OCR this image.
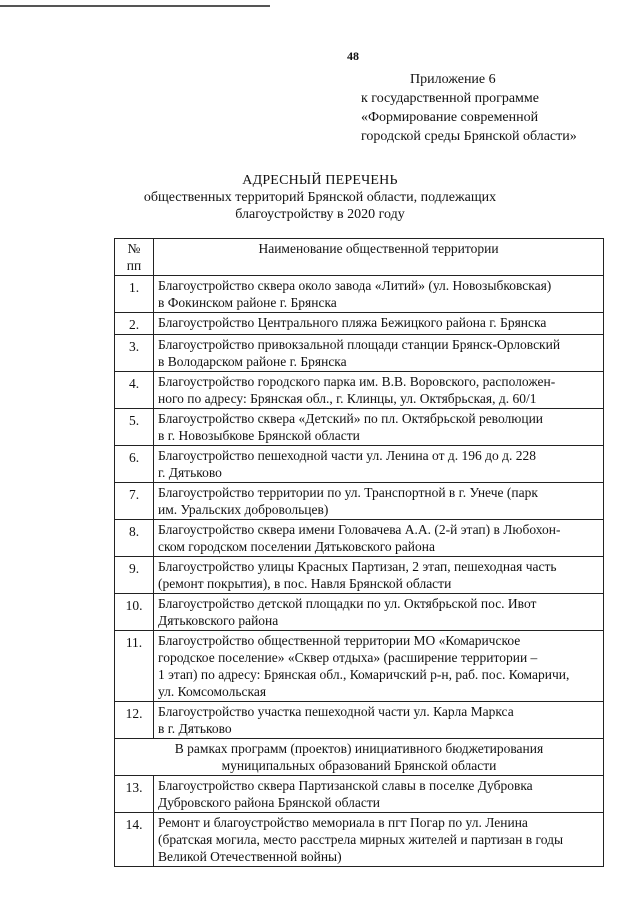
48
Приложение 6
к государственной программе
«Формирование современной
городской среды Брянской области»
АДРЕСНЫЙ ПЕРЕЧЕНЬ
общественных территорий Брянской области, подлежащих
благоустройству в 2020 году
№
пп	Наименование общественной территории
1.	Благоустройство сквера около завода «Литий» (ул. Новозыбковская)
в Фокинском районе г. Брянска

2.	Благоустройство Центрального пляжа Бежицкого района г. Брянска

3.	Благоустройство привокзальной площади станции Брянск-Орловский
в Володарском районе г. Брянска

4.	Благоустройство городского парка им. В.В. Воровского, расположен-
ного по адресу: Брянская обл., г. Клинцы, ул. Октябрьская, д. 60/1

5.	Благоустройство сквера «Детский» по пл. Октябрьской революции
в г. Новозыбкове Брянской области

6.	Благоустройство пешеходной части ул. Ленина от д. 196 до д. 228
г. Дятьково

7.	Благоустройство территории по ул. Транспортной в г. Унече (парк
им. Уральских добровольцев)

8.	Благоустройство сквера имени Головачева А.А. (2-й этап) в Любохон-
ском городском поселении Дятьковского района

9.	Благоустройство улицы Красных Партизан, 2 этап, пешеходная часть
(ремонт покрытия), в пос. Навля Брянской области

10.	Благоустройство детской площадки по ул. Октябрьской пос. Ивот
Дятьковского района

11.	Благоустройство общественной территории МО «Комаричское
городское поселение» «Сквер отдыха» (расширение территории –
1 этап) по адресу: Брянская обл., Комаричский р-н, раб. пос. Комаричи,
ул. Комсомольская

12.	Благоустройство участка пешеходной части ул. Карла Маркса
в г. Дятьково

В рамках программ (проектов) инициативного бюджетирования
муниципальных образований Брянской области	

13.	Благоустройство сквера Партизанской славы в поселке Дубровка
Дубровского района Брянской области

14.	Ремонт и благоустройство мемориала в пгт Погар по ул. Ленина
(братская могила, место расстрела мирных жителей и партизан в годы
Великой Отечественной войны)
